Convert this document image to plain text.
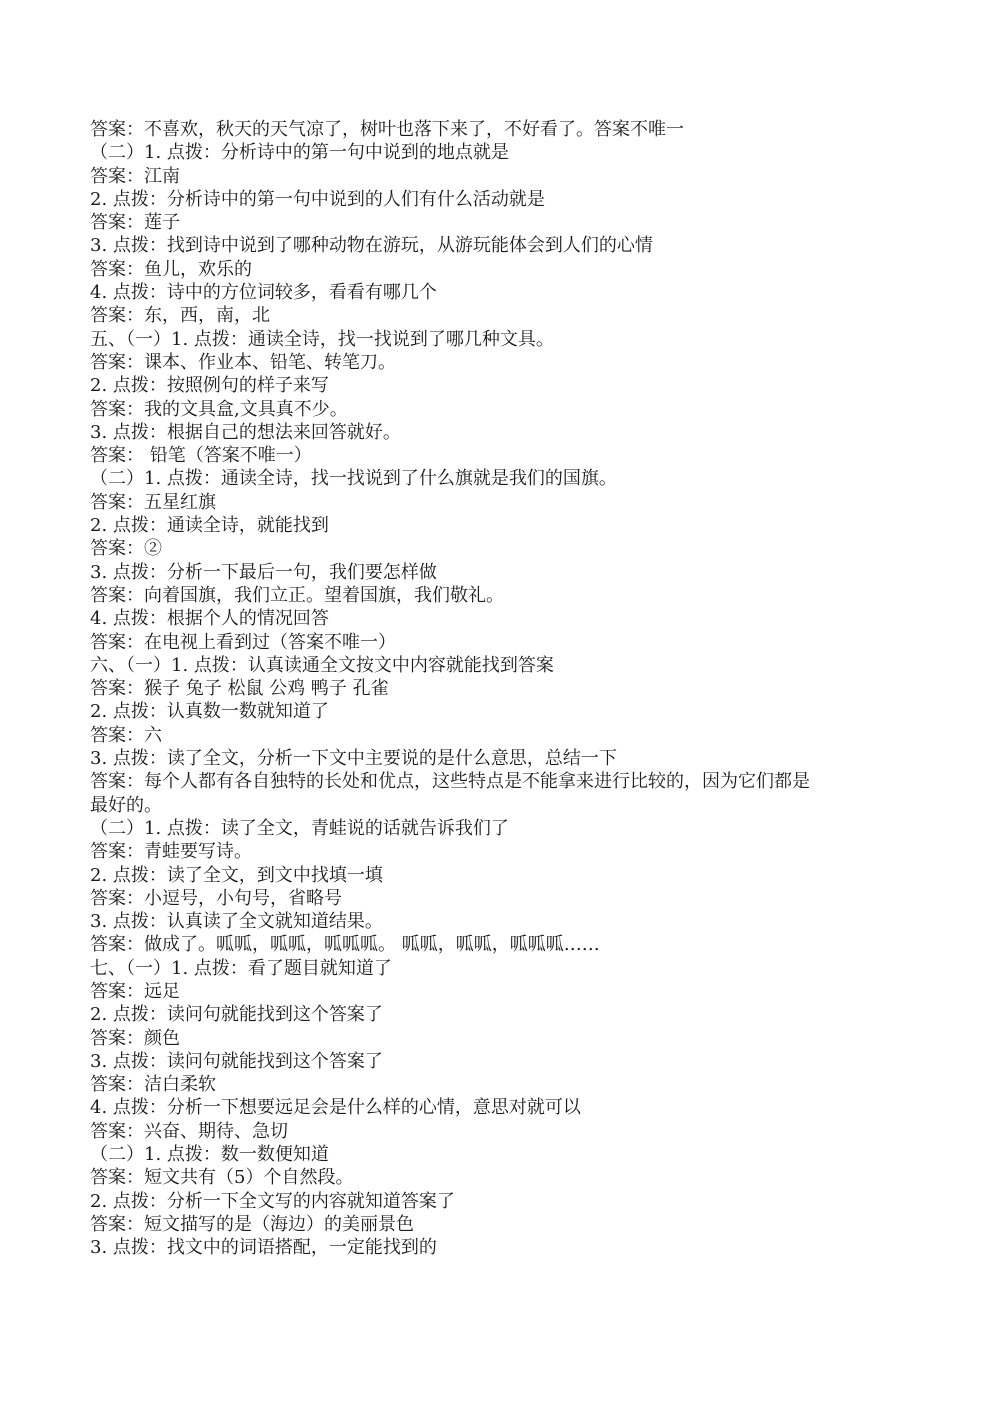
答案：不喜欢，秋天的天气凉了，树叶也落下来了，不好看了。答案不唯一
（二）1. 点拨：分析诗中的第一句中说到的地点就是
答案：江南
2. 点拨：分析诗中的第一句中说到的人们有什么活动就是
答案：莲子
3. 点拨：找到诗中说到了哪种动物在游玩，从游玩能体会到人们的心情
答案：鱼儿，欢乐的
4. 点拨：诗中的方位词较多，看看有哪几个
答案：东，西，南，北
五、（一）1. 点拨：通读全诗，找一找说到了哪几种文具。
答案：课本、作业本、铅笔、转笔刀。
2. 点拨：按照例句的样子来写
答案：我的文具盒,文具真不少。
3. 点拨：根据自己的想法来回答就好。
答案： 铅笔（答案不唯一）
（二）1. 点拨：通读全诗，找一找说到了什么旗就是我们的国旗。
答案：五星红旗
2. 点拨：通读全诗，就能找到
答案：②
3. 点拨：分析一下最后一句，我们要怎样做
答案：向着国旗，我们立正。望着国旗，我们敬礼。
4. 点拨：根据个人的情况回答
答案：在电视上看到过（答案不唯一）
六、（一）1. 点拨：认真读通全文按文中内容就能找到答案
答案：猴子 兔子 松鼠 公鸡 鸭子 孔雀
2. 点拨：认真数一数就知道了
答案：六
3. 点拨：读了全文，分析一下文中主要说的是什么意思，总结一下
答案：每个人都有各自独特的长处和优点，这些特点是不能拿来进行比较的，因为它们都是
最好的。
（二）1. 点拨：读了全文，青蛙说的话就告诉我们了
答案：青蛙要写诗。
2. 点拨：读了全文，到文中找填一填
答案：小逗号，小句号，省略号
3. 点拨：认真读了全文就知道结果。
答案：做成了。呱呱，呱呱，呱呱呱。 呱呱，呱呱，呱呱呱……
七、（一）1. 点拨：看了题目就知道了
答案：远足
2. 点拨：读问句就能找到这个答案了
答案：颜色
3. 点拨：读问句就能找到这个答案了
答案：洁白柔软
4. 点拨：分析一下想要远足会是什么样的心情，意思对就可以
答案：兴奋、期待、急切
（二）1. 点拨：数一数便知道
答案：短文共有（5）个自然段。
2. 点拨：分析一下全文写的内容就知道答案了
答案：短文描写的是（海边）的美丽景色
3. 点拨：找文中的词语搭配，一定能找到的
